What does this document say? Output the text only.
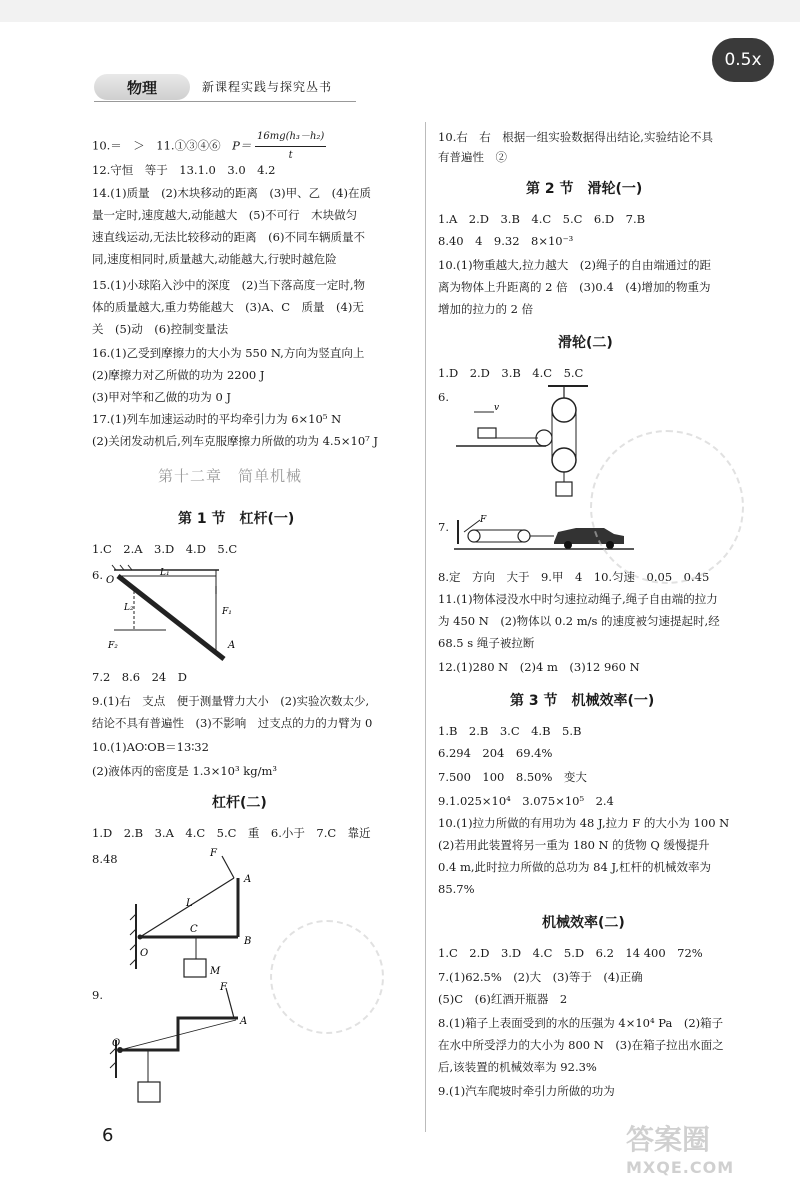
0.5x
物理	新课程实践与探究丛书
10.＝　＞　11.①③④⑥　$P= \frac{\text{16mg(h₃－h₂)}}{t}$
12.守恒　等于　13.1.0　3.0　4.2
14.(1)质量　(2)木块移动的距离　(3)甲、乙　(4)在质
量一定时,速度越大,动能越大　(5)不可行　木块做匀
速直线运动,无法比较移动的距离　(6)不同车辆质量不
同,速度相同时,质量越大,动能越大,行驶时越危险
15.(1)小球陷入沙中的深度　(2)当下落高度一定时,物
体的质量越大,重力势能越大　(3)A、C　质量　(4)无
关　(5)动　(6)控制变量法
16.(1)乙受到摩擦力的大小为 550 N,方向为竖直向上
(2)摩擦力对乙所做的功为 2200 J
(3)甲对竿和乙做的功为 0 J
17.(1)列车加速运动时的平均牵引力为 6×10⁵ N
(2)关闭发动机后,列车克服摩擦力所做的功为 4.5×10⁷ J
第十二章　简单机械
第 1 节　杠杆(一)
1.C　2.A　3.D　4.D　5.C
6. O
L₁
F₁
L₂
F₂	A
7.2　8.6　24　D
9.(1)右　支点　便于测量臂力大小　(2)实验次数太少,
结论不具有普遍性　(3)不影响　过支点的力的力臂为 0
10.(1)AO∶OB＝13∶32
(2)液体丙的密度是 1.3×10³ kg/m³
杠杆(二)
1.D　2.B　3.A　4.C　5.C　重　6.小于　7.C　靠近
8.48
O
F
A
B
L
C
M
9.
O
F
A
10.右　右　根据一组实验数据得出结论,实验结论不具
有普遍性　②
第 2 节　滑轮(一)
1.A　2.D　3.B　4.C　5.C　6.D　7.B
8.40　4　9.32　8×10⁻³
10.(1)物重越大,拉力越大　(2)绳子的自由端通过的距
离为物体上升距离的 2 倍　(3)0.4　(4)增加的物重为
增加的拉力的 2 倍
滑轮(二)
1.D　2.D　3.B　4.C　5.C
6.
v
7.	F
8.定　方向　大于　9.甲　4　10.匀速　0.05　0.45
11.(1)物体浸没水中时匀速拉动绳子,绳子自由端的拉力
为 450 N　(2)物体以 0.2 m/s 的速度被匀速提起时,经
68.5 s 绳子被拉断
12.(1)280 N　(2)4 m　(3)12 960 N
第 3 节　机械效率(一)
1.B　2.B　3.C　4.B　5.B
6.294　204　69.4%
7.500　100　8.50%　变大
9.1.025×10⁴　3.075×10⁵　2.4
10.(1)拉力所做的有用功为 48 J,拉力 F 的大小为 100 N
(2)若用此装置将另一重为 180 N 的货物 Q 缓慢提升
0.4 m,此时拉力所做的总功为 84 J,杠杆的机械效率为
85.7%
机械效率(二)
1.C　2.D　3.D　4.C　5.D　6.2　14 400　72%
7.(1)62.5%　(2)大　(3)等于　(4)正确
(5)C　(6)红酒开瓶器　2
8.(1)箱子上表面受到的水的压强为 4×10⁴ Pa　(2)箱子
在水中所受浮力的大小为 800 N　(3)在箱子拉出水面之
后,该装置的机械效率为 92.3%
9.(1)汽车爬坡时牵引力所做的功为
6	答案圈
MXQE.COM
